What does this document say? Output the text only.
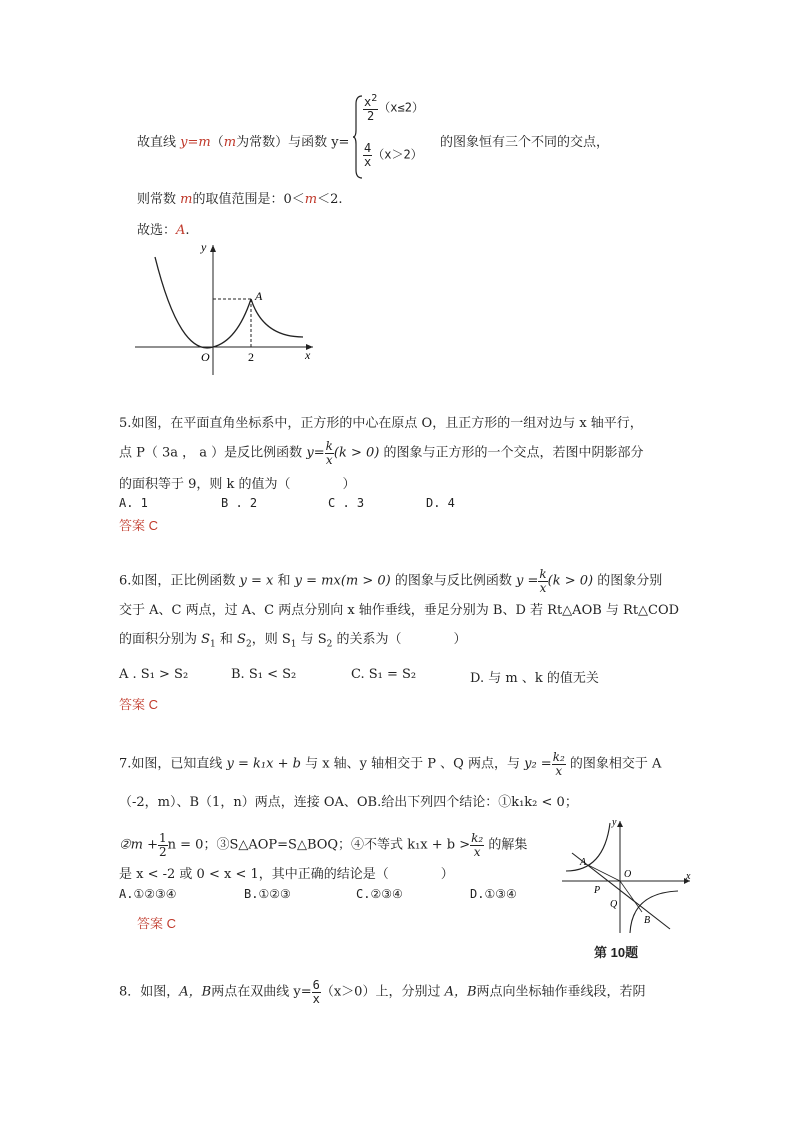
故直线 y=m（m为常数）与函数 y=
$\frac{x^2}{2} (x\le 2)$
$\frac{4}{x} (x>2)$
的图象恒有三个不同的交点，
则常数 m的取值范围是：0＜m＜2.
故选：A.
y
x
O	2
A
5.如图，在平面直角坐标系中，正方形的中心在原点 O，且正方形的一组对边与 x 轴平行，
点 P（ 3a ， a ）是反比例函数 $y= \frac{k}{x} (k > 0)$ 的图象与正方形的一个交点，若图中阴影部分
的面积等于 9，则 k 的值为（　　　　）
A. 1	B . 2	C . 3	D. 4
答案 C
6.如图，正比例函数 y = x 和 y = mx(m > 0) 的图象与反比例函数 $y = \frac{k}{x} (k > 0)$ 的图象分别
交于 A、C 两点，过 A、C 两点分别向 x 轴作垂线，垂足分别为 B、D 若 Rt△AOB 与 Rt△COD
的面积分别为 $S_1$ 和 $S_2$，则 $S_1$ 与 $S_2$ 的关系为（　　　　）
A . S₁ > S₂	B. S₁ < S₂	C. S₁ = S₂	D. 与 m 、k 的值无关
答案 C
7.如图，已知直线 y = k₁x + b 与 x 轴、y 轴相交于 P 、Q 两点，与 $y_2 = \frac{\text{k₂}}{x}$ 的图象相交于 A
（-2，m）、B（1，n）两点，连接 OA、OB.给出下列四个结论：①k₁k₂ < 0；
②m + $\frac{1}{2}$ n = 0；③S△AOP=S△BOQ；④不等式 $k_1x + b > \frac{\text{k₂}}{x}$ 的解集
是 x < -2 或 0 < x < 1，其中正确的结论是（　　　　）
A.①②③④	B.①②③	C.②③④	D.①③④
答案 C
y
x
O
A
B
P
Q
第 10题
8．如图，A，B两点在双曲线 $y= \frac{6}{x} (x>0)$上，分别过 A，B两点向坐标轴作垂线段，若阴
